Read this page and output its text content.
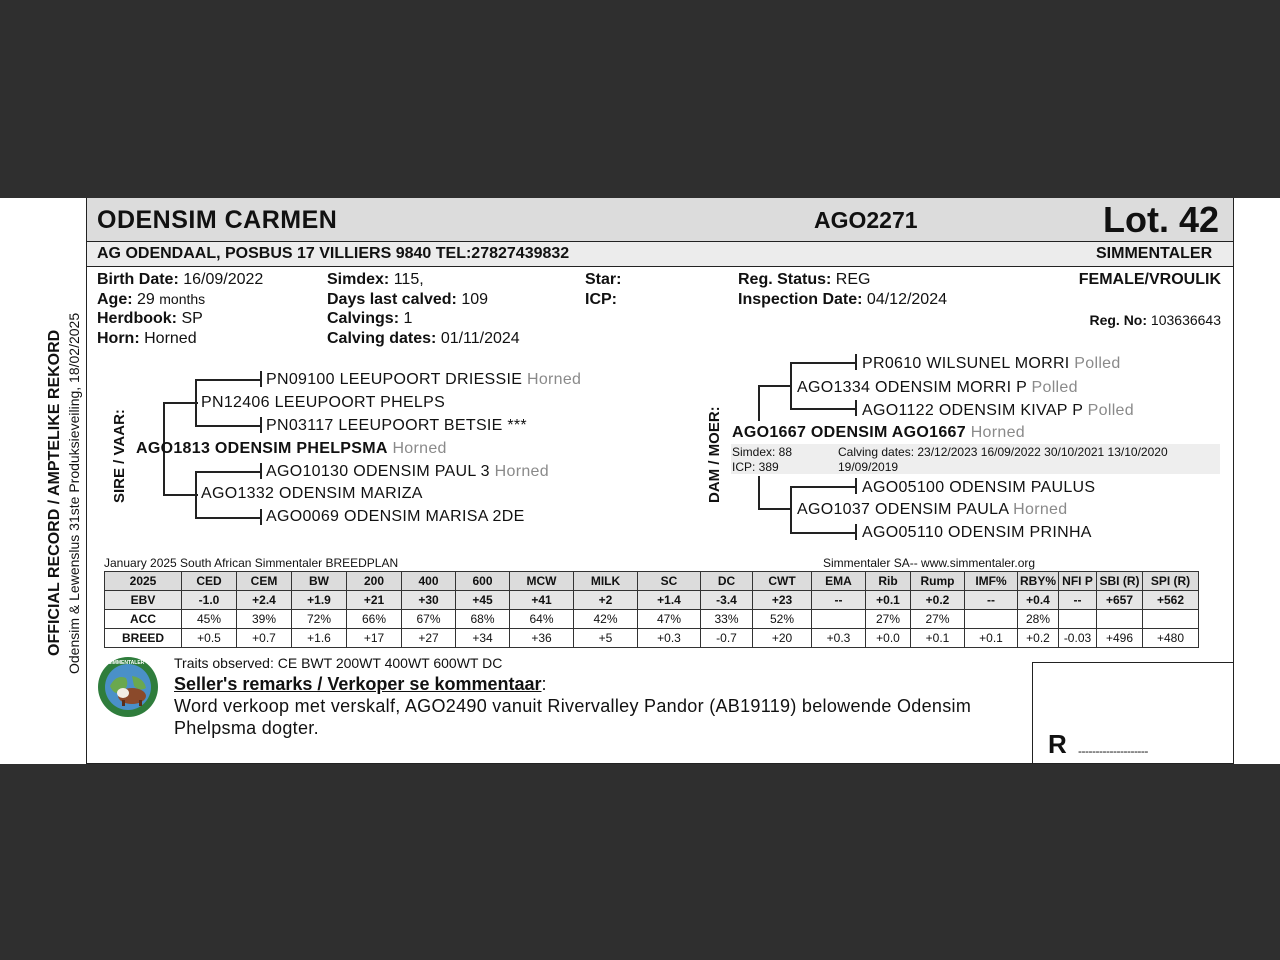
ODENSIM CARMEN	AGO2271	Lot. 42
AG ODENDAAL, POSBUS 17 VILLIERS 9840 TEL:27827439832	SIMMENTALER
OFFICIAL RECORD / AMPTELIKE REKORD Odensim & Lewenslus 31ste Produksieveiling, 18/02/2025
Birth Date: 16/09/2022
Age: 29 months
Herdbook: SP
Horn: Horned
Simdex: 115,
Days last calved: 109
Calvings: 1
Calving dates: 01/11/2024
Star:
ICP:
Reg. Status: REG
Inspection Date: 04/12/2024
FEMALE/VROULIK
Reg. No: 103636643
SIRE / VAAR:
PN09100 LEEUPOORT DRIESSIE Horned
PN12406 LEEUPOORT PHELPS
PN03117 LEEUPOORT BETSIE ***
AGO1813 ODENSIM PHELPSMA Horned
AGO10130 ODENSIM PAUL 3 Horned
AGO1332 ODENSIM MARIZA
AGO0069 ODENSIM MARISA 2DE
DAM / MOER:
PR0610 WILSUNEL MORRI Polled
AGO1334 ODENSIM MORRI P Polled
AGO1122 ODENSIM KIVAP P Polled
AGO1667 ODENSIM AGO1667 Horned
Simdex: 88
ICP: 389
Calving dates: 23/12/2023 16/09/2022 30/10/2021 13/10/2020
19/09/2019
AGO05100 ODENSIM PAULUS
AGO1037 ODENSIM PAULA Horned
AGO05110 ODENSIM PRINHA
January 2025 South African Simmentaler BREEDPLAN	Simmentaler SA-- www.simmentaler.org
2025	CED	CEM	BW	200	400	600	MCW	MILK	SC	DC	CWT	EMA	Rib	Rump	IMF%	RBY%	NFI P	SBI (R)	SPI (R)
EBV	-1.0	+2.4	+1.9	+21	+30	+45	+41	+2	+1.4	-3.4	+23	--	+0.1	+0.2	--	+0.4	--	+657	+562
ACC	45%	39%	72%	66%	67%	68%	64%	42%	47%	33%	52%		27%	27%		28%			
BREED	+0.5	+0.7	+1.6	+17	+27	+34	+36	+5	+0.3	-0.7	+20	+0.3	+0.0	+0.1	+0.1	+0.2	-0.03	+496	+480
SIMMENTALER Traits observed: CE BWT 200WT 400WT 600WT DC
Seller's remarks / Verkoper se kommentaar:
Word verkoop met verskalf, AGO2490 vanuit Rivervalley Pandor (AB19119) belowende Odensim
Phelpsma dogter.
R --------------------
